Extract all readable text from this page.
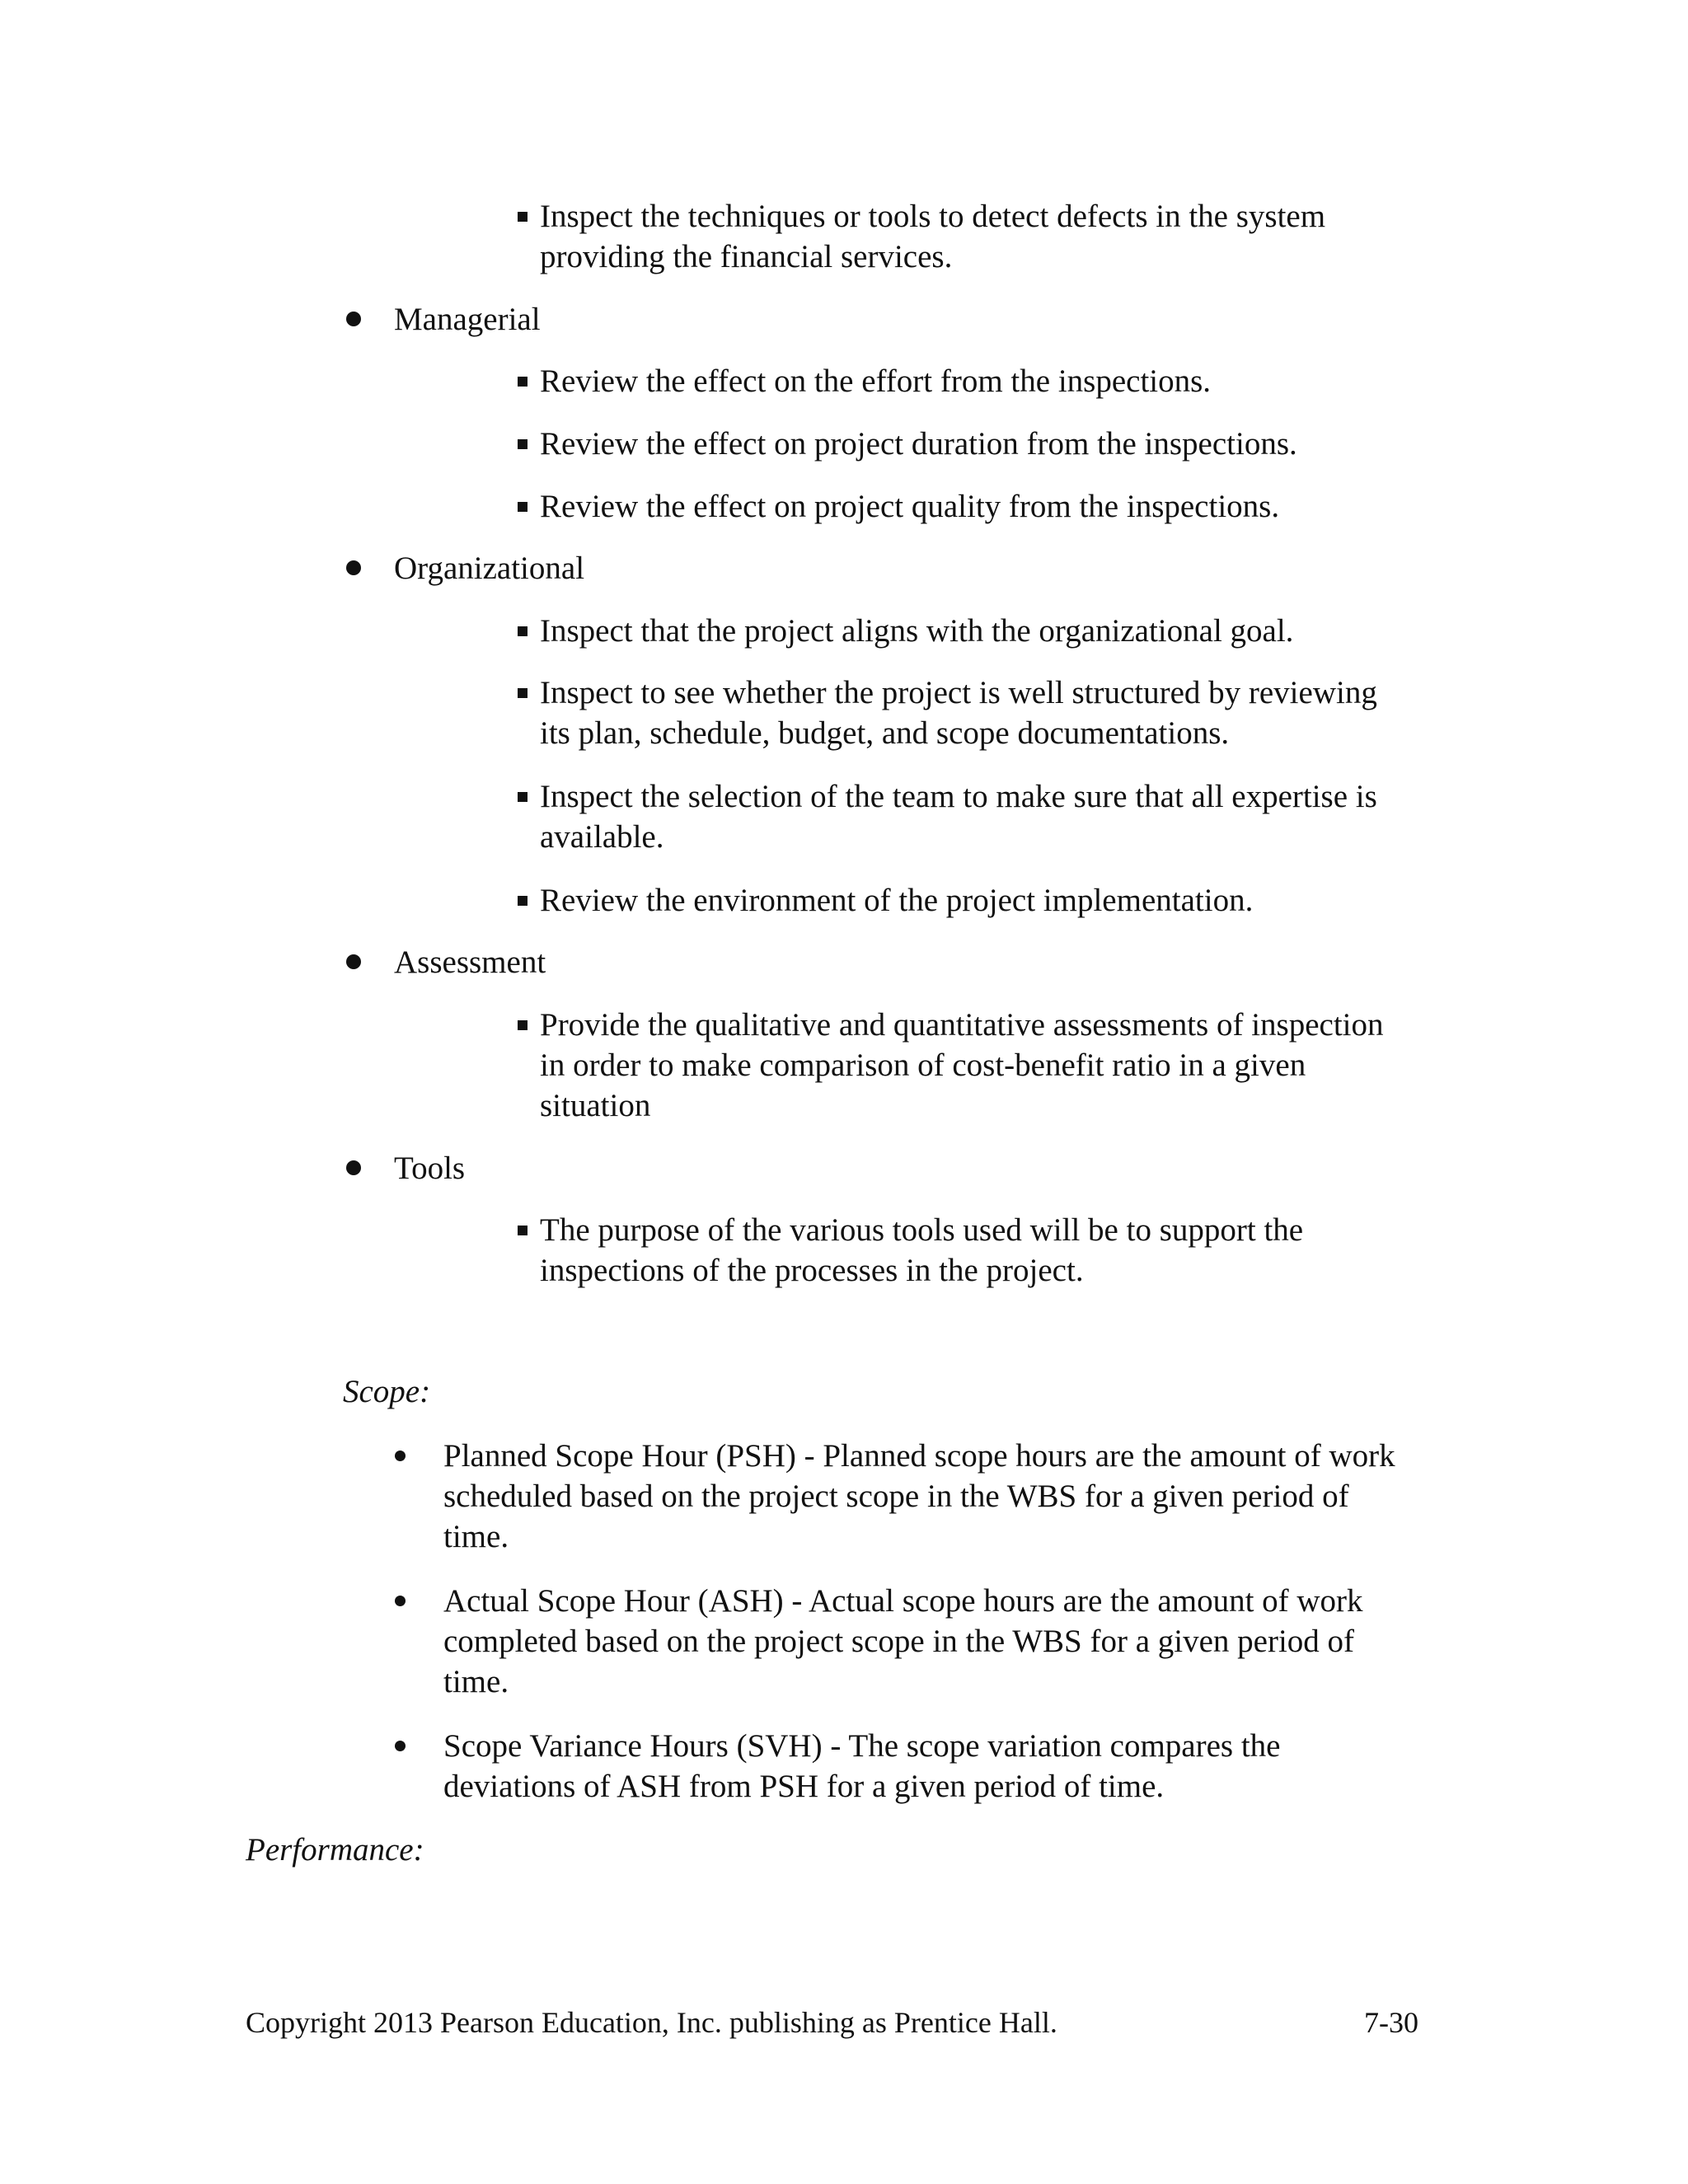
Inspect the techniques or tools to detect defects in the system
providing the financial services.
Managerial
Review the effect on the effort from the inspections.
Review the effect on project duration from the inspections.
Review the effect on project quality from the inspections.
Organizational
Inspect that the project aligns with the organizational goal.
Inspect to see whether the project is well structured by reviewing
its plan, schedule, budget, and scope documentations.
Inspect the selection of the team to make sure that all expertise is
available.
Review the environment of the project implementation.
Assessment
Provide the qualitative and quantitative assessments of inspection
in order to make comparison of cost-benefit ratio in a given
situation
Tools
The purpose of the various tools used will be to support the
inspections of the processes in the project.
Scope:
Planned Scope Hour (PSH) - Planned scope hours are the amount of work
scheduled based on the project scope in the WBS for a given period of
time.
Actual Scope Hour (ASH) - Actual scope hours are the amount of work
completed based on the project scope in the WBS for a given period of
time.
Scope Variance Hours (SVH) - The scope variation compares the
deviations of ASH from PSH for a given period of time.
Performance:
Copyright 2013 Pearson Education, Inc. publishing as Prentice Hall.	7-30
